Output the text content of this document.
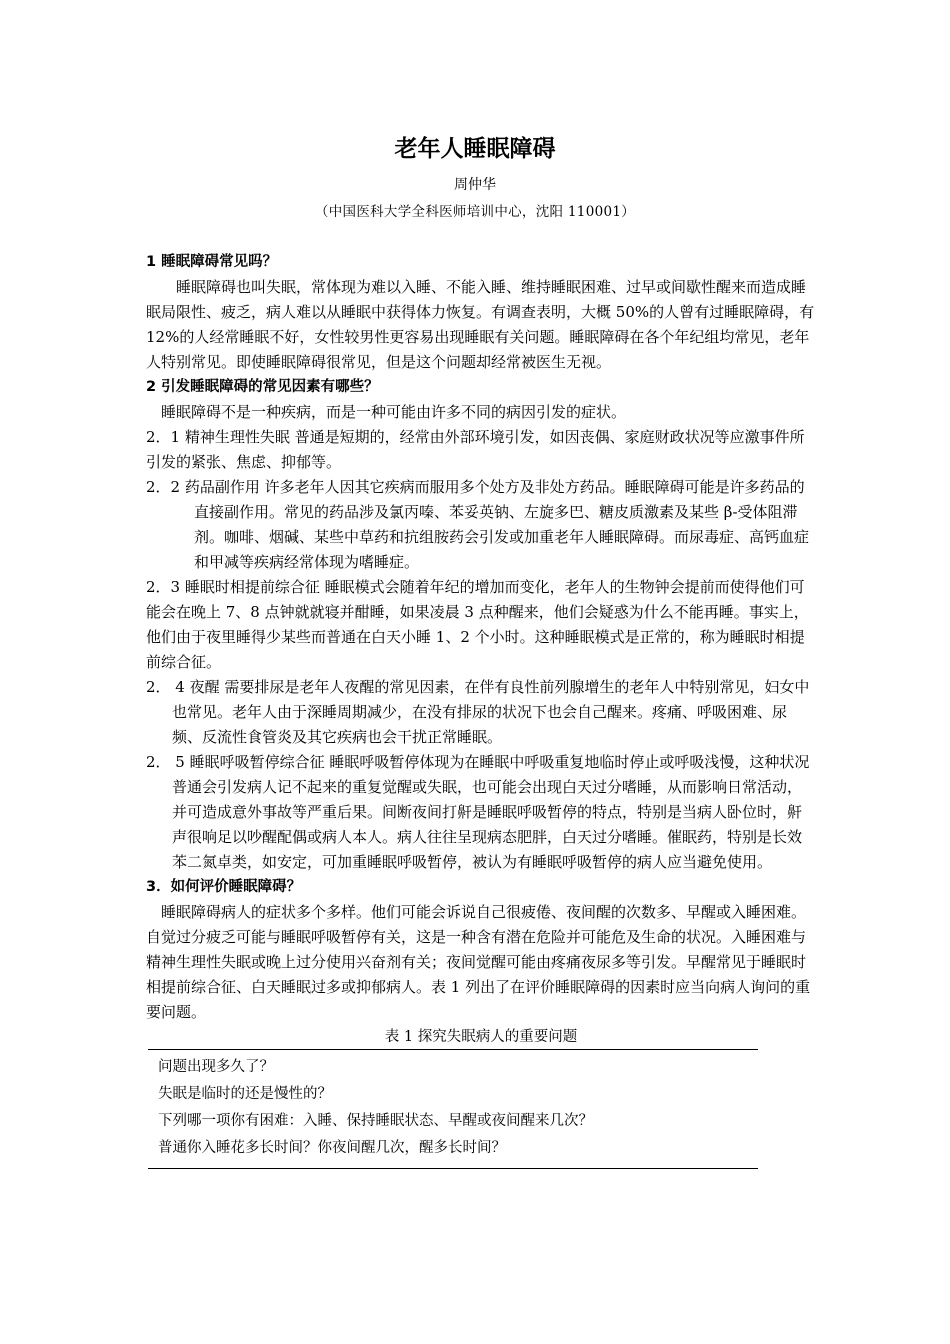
老年人睡眠障碍
周仲华
（中国医科大学全科医师培训中心，沈阳 110001）

1 睡眠障碍常见吗？

睡眠障碍也叫失眠，常体现为难以入睡、不能入睡、维持睡眠困难、过早或间歇性醒来而造成睡眠局限性、疲乏，病人难以从睡眠中获得体力恢复。有调查表明，大概 50%的人曾有过睡眠障碍，有 12%的人经常睡眠不好，女性较男性更容易出现睡眠有关问题。睡眠障碍在各个年纪组均常见，老年人特别常见。即使睡眠障碍很常见，但是这个问题却经常被医生无视。

2 引发睡眠障碍的常见因素有哪些？

睡眠障碍不是一种疾病，而是一种可能由许多不同的病因引发的症状。

2．1 精神生理性失眠 普通是短期的，经常由外部环境引发，如因丧偶、家庭财政状况等应激事件所引发的紧张、焦虑、抑郁等。

2．2 药品副作用 许多老年人因其它疾病而服用多个处方及非处方药品。睡眠障碍可能是许多药品的直接副作用。常见的药品涉及氯丙嗪、苯妥英钠、左旋多巴、糖皮质激素及某些 β-受体阻滞剂。咖啡、烟碱、某些中草药和抗组胺药会引发或加重老年人睡眠障碍。而尿毒症、高钙血症和甲减等疾病经常体现为嗜睡症。

2．3 睡眠时相提前综合征 睡眠模式会随着年纪的增加而变化，老年人的生物钟会提前而使得他们可能会在晚上 7、8 点钟就就寝并酣睡，如果凌晨 3 点种醒来，他们会疑惑为什么不能再睡。事实上，他们由于夜里睡得少某些而普通在白天小睡 1、2 个小时。这种睡眠模式是正常的，称为睡眠时相提前综合征。

2． 4 夜醒 需要排尿是老年人夜醒的常见因素，在伴有良性前列腺增生的老年人中特别常见，妇女中也常见。老年人由于深睡周期减少，在没有排尿的状况下也会自己醒来。疼痛、呼吸困难、尿频、反流性食管炎及其它疾病也会干扰正常睡眠。

2． 5 睡眠呼吸暂停综合征 睡眠呼吸暂停体现为在睡眠中呼吸重复地临时停止或呼吸浅慢，这种状况普通会引发病人记不起来的重复觉醒或失眠，也可能会出现白天过分嗜睡，从而影响日常活动，并可造成意外事故等严重后果。间断夜间打鼾是睡眠呼吸暂停的特点，特别是当病人卧位时，鼾声很响足以吵醒配偶或病人本人。病人往往呈现病态肥胖，白天过分嗜睡。催眠药，特别是长效苯二氮卓类，如安定，可加重睡眠呼吸暂停，被认为有睡眠呼吸暂停的病人应当避免使用。

3．如何评价睡眠障碍？

睡眠障碍病人的症状多个多样。他们可能会诉说自己很疲倦、夜间醒的次数多、早醒或入睡困难。自觉过分疲乏可能与睡眠呼吸暂停有关，这是一种含有潜在危险并可能危及生命的状况。入睡困难与精神生理性失眠或晚上过分使用兴奋剂有关；夜间觉醒可能由疼痛夜尿多等引发。早醒常见于睡眠时相提前综合征、白天睡眠过多或抑郁病人。表 1 列出了在评价睡眠障碍的因素时应当向病人询问的重要问题。

表 1 探究失眠病人的重要问题
问题出现多久了？
失眠是临时的还是慢性的？
下列哪一项你有困难：入睡、保持睡眠状态、早醒或夜间醒来几次？
普通你入睡花多长时间？你夜间醒几次，醒多长时间？
